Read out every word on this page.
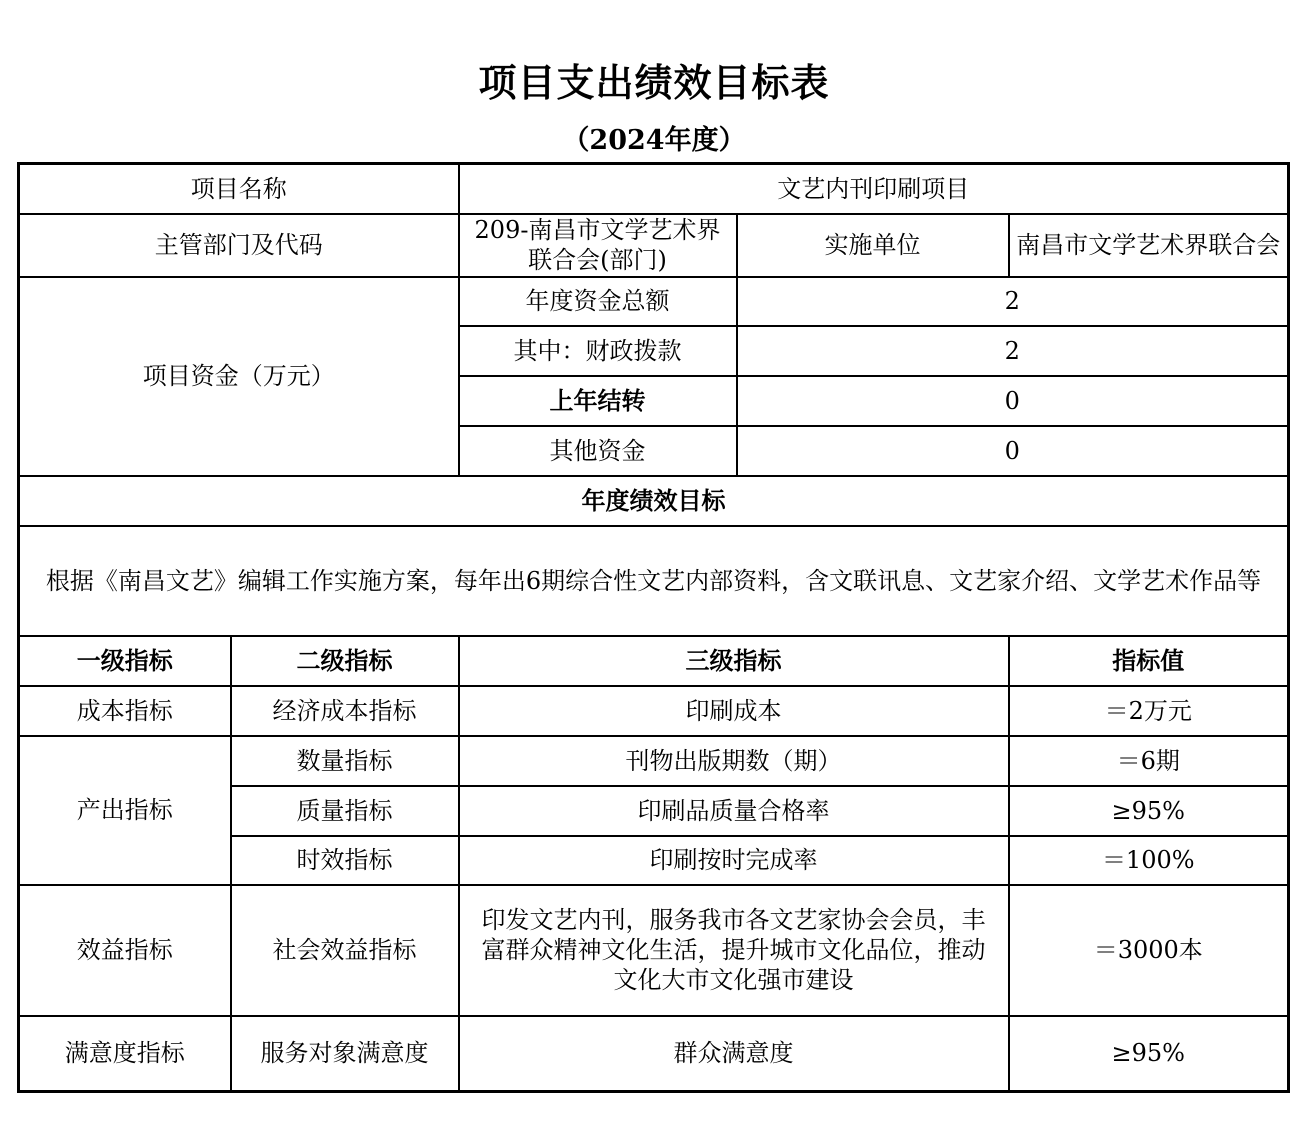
项目支出绩效目标表
（2024年度）
项目名称		文艺内刊印刷项目		
主管部门及代码		209-南昌市文学艺术界联合会(部门)	实施单位	南昌市文学艺术界联合会
项目资金（万元）		年度资金总额	2	
		其中：财政拨款	2	
		上年结转	0	
		其他资金	0	
年度绩效目标				
根据《南昌文艺》编辑工作实施方案，每年出6期综合性文艺内部资料，含文联讯息、文艺家介绍、文学艺术作品等				
一级指标	二级指标	三级指标		指标值
成本指标	经济成本指标	印刷成本		＝2万元
产出指标	数量指标	刊物出版期数（期）		＝6期
	质量指标	印刷品质量合格率		≥95%
	时效指标	印刷按时完成率		＝100%
效益指标	社会效益指标	印发文艺内刊，服务我市各文艺家协会会员，丰富群众精神文化生活，提升城市文化品位，推动文化大市文化强市建设		＝3000本
满意度指标	服务对象满意度	群众满意度		≥95%
